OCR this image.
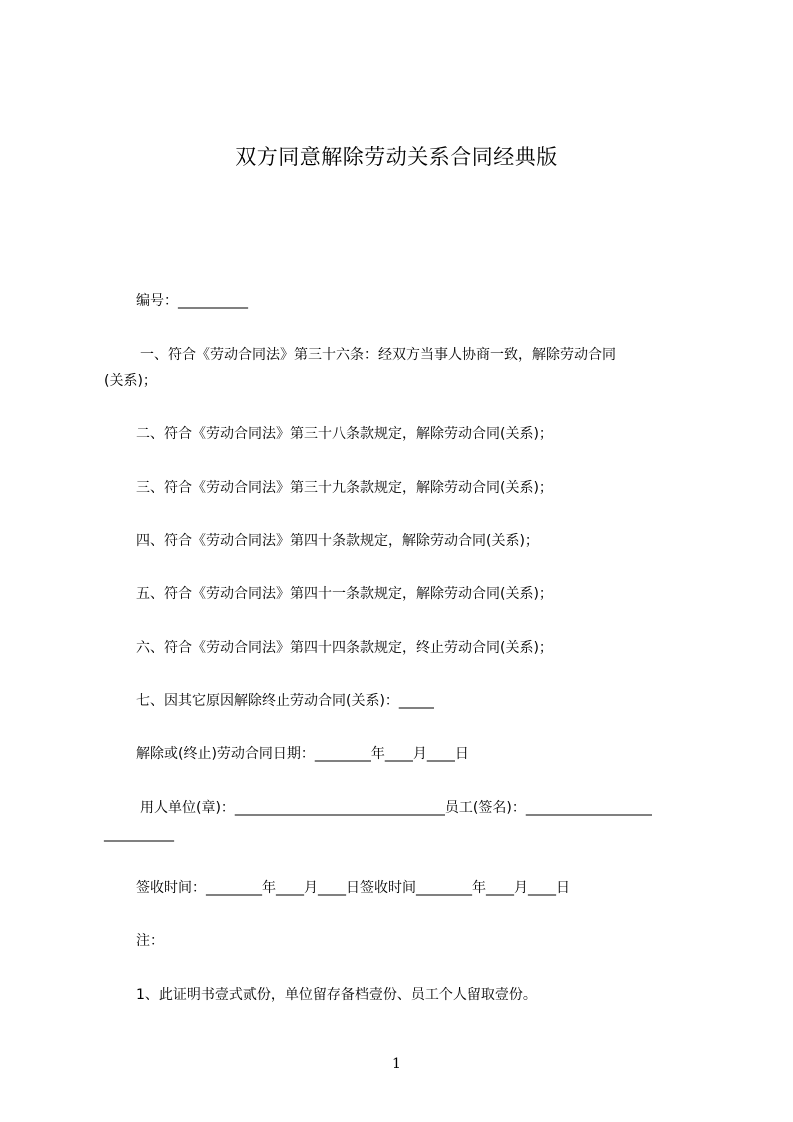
双方同意解除劳动关系合同经典版
编号：__________
一、符合《劳动合同法》第三十六条：经双方当事人协商一致，解除劳动合同
(关系)；
二、符合《劳动合同法》第三十八条款规定，解除劳动合同(关系)；
三、符合《劳动合同法》第三十九条款规定，解除劳动合同(关系)；
四、符合《劳动合同法》第四十条款规定，解除劳动合同(关系)；
五、符合《劳动合同法》第四十一条款规定，解除劳动合同(关系)；
六、符合《劳动合同法》第四十四条款规定，终止劳动合同(关系)；
七、因其它原因解除终止劳动合同(关系)：_____
解除或(终止)劳动合同日期：________年____月____日
用人单位(章)：______________________________员工(签名)：__________________
__________
签收时间：________年____月____日签收时间________年____月____日
注：
1、此证明书壹式贰份，单位留存备档壹份、员工个人留取壹份。
1
